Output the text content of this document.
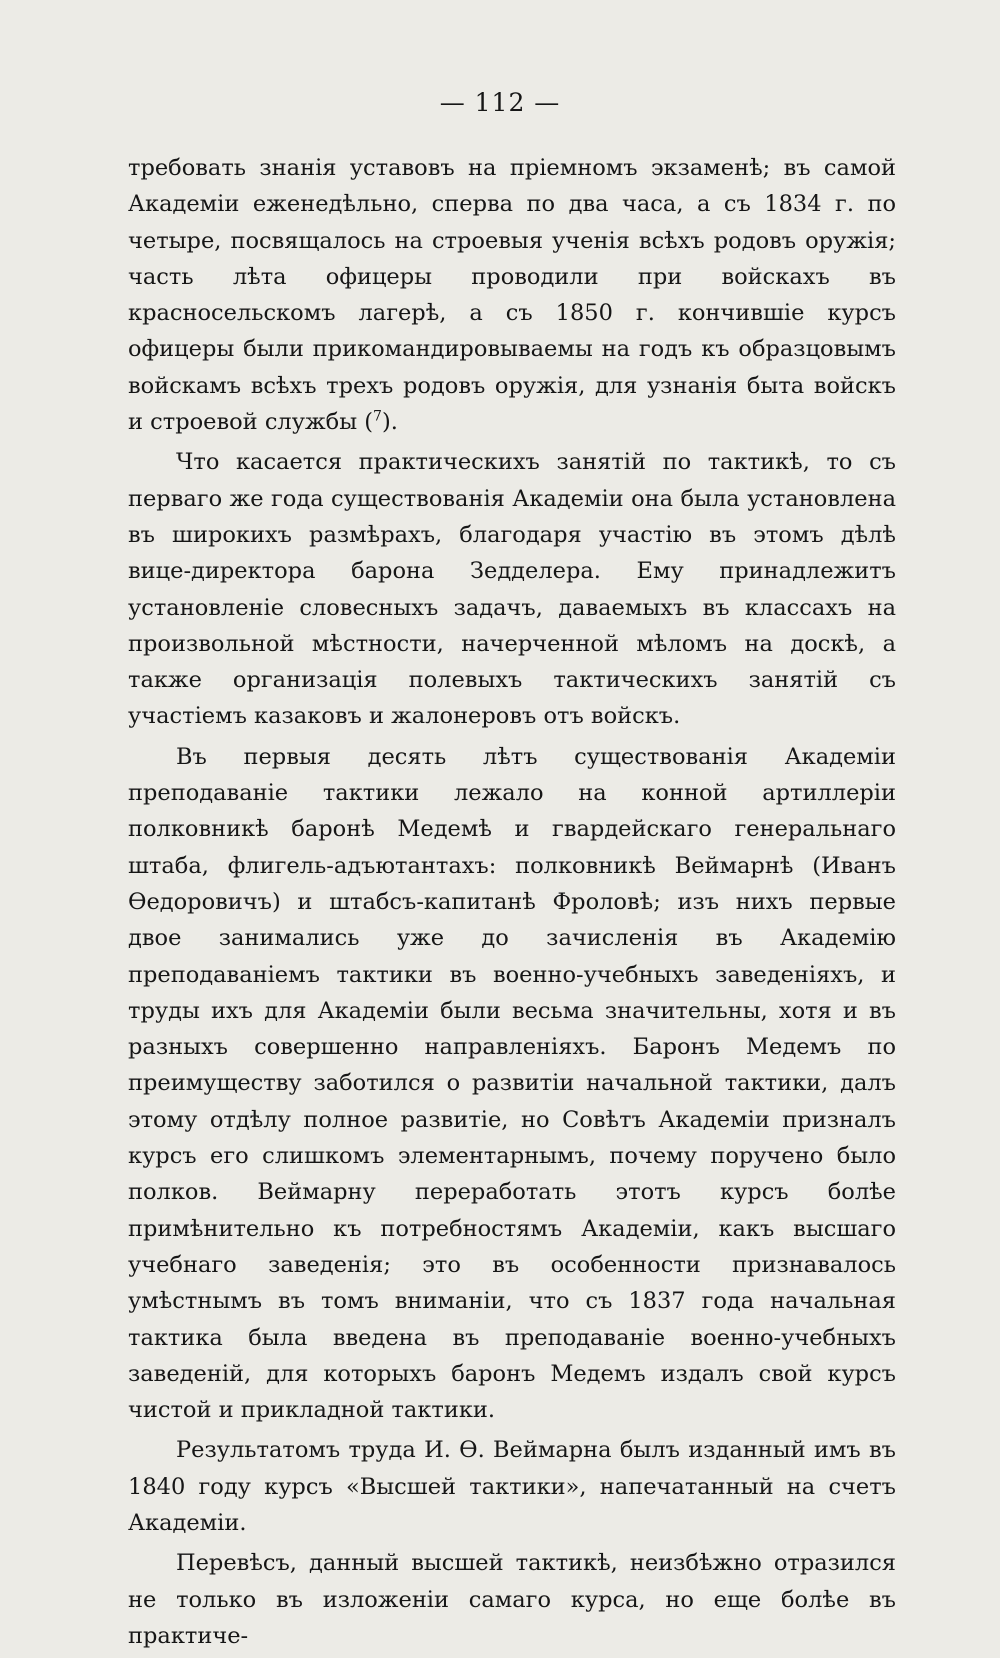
— 112 —

требовать знанія уставовъ на пріемномъ экзаменѣ; въ самой Академіи еженедѣльно, сперва по два часа, а съ 1834 г. по четыре, посвящалось на строевыя ученія всѣхъ родовъ оружія; часть лѣта офицеры проводили при войскахъ въ красносельскомъ лагерѣ, а съ 1850 г. кончившіе курсъ офицеры были прикомандировываемы на годъ къ образцовымъ войскамъ всѣхъ трехъ родовъ оружія, для узнанія быта войскъ и строевой службы ($^7$).

Что касается практическихъ занятій по тактикѣ, то съ перваго же года существованія Академіи она была установлена въ широкихъ размѣрахъ, благодаря участію въ этомъ дѣлѣ вице-директора барона Зедделера. Ему принадлежитъ установленіе словесныхъ задачъ, даваемыхъ въ классахъ на произвольной мѣстности, начерченной мѣломъ на доскѣ, а также организація полевыхъ тактическихъ занятій съ участіемъ казаковъ и жалонеровъ отъ войскъ.

Въ первыя десять лѣтъ существованія Академіи преподаваніе тактики лежало на конной артиллеріи полковникѣ баронѣ Медемѣ и гвардейскаго генеральнаго штаба, флигель-адъютантахъ: полковникѣ Веймарнѣ (Иванъ Өедоровичъ) и штабсъ-капитанѣ Фроловѣ; изъ нихъ первые двое занимались уже до зачисленія въ Академію преподаваніемъ тактики въ военно-учебныхъ заведеніяхъ, и труды ихъ для Академіи были весьма значительны, хотя и въ разныхъ совершенно направленіяхъ. Баронъ Медемъ по преимуществу заботился о развитіи начальной тактики, далъ этому отдѣлу полное развитіе, но Совѣтъ Академіи призналъ курсъ его слишкомъ элементарнымъ, почему поручено было полков. Веймарну переработать этотъ курсъ болѣе примѣнительно къ потребностямъ Академіи, какъ высшаго учебнаго заведенія; это въ особенности признавалось умѣстнымъ въ томъ вниманіи, что съ 1837 года начальная тактика была введена въ преподаваніе военно-учебныхъ заведеній, для которыхъ баронъ Медемъ издалъ свой курсъ чистой и прикладной тактики.

Результатомъ труда И. Ө. Веймарна былъ изданный имъ въ 1840 году курсъ «Высшей тактики», напечатанный на счетъ Академіи.

Перевѣсъ, данный высшей тактикѣ, неизбѣжно отразился не только въ изложеніи самаго курса, но еще болѣе въ практиче-
